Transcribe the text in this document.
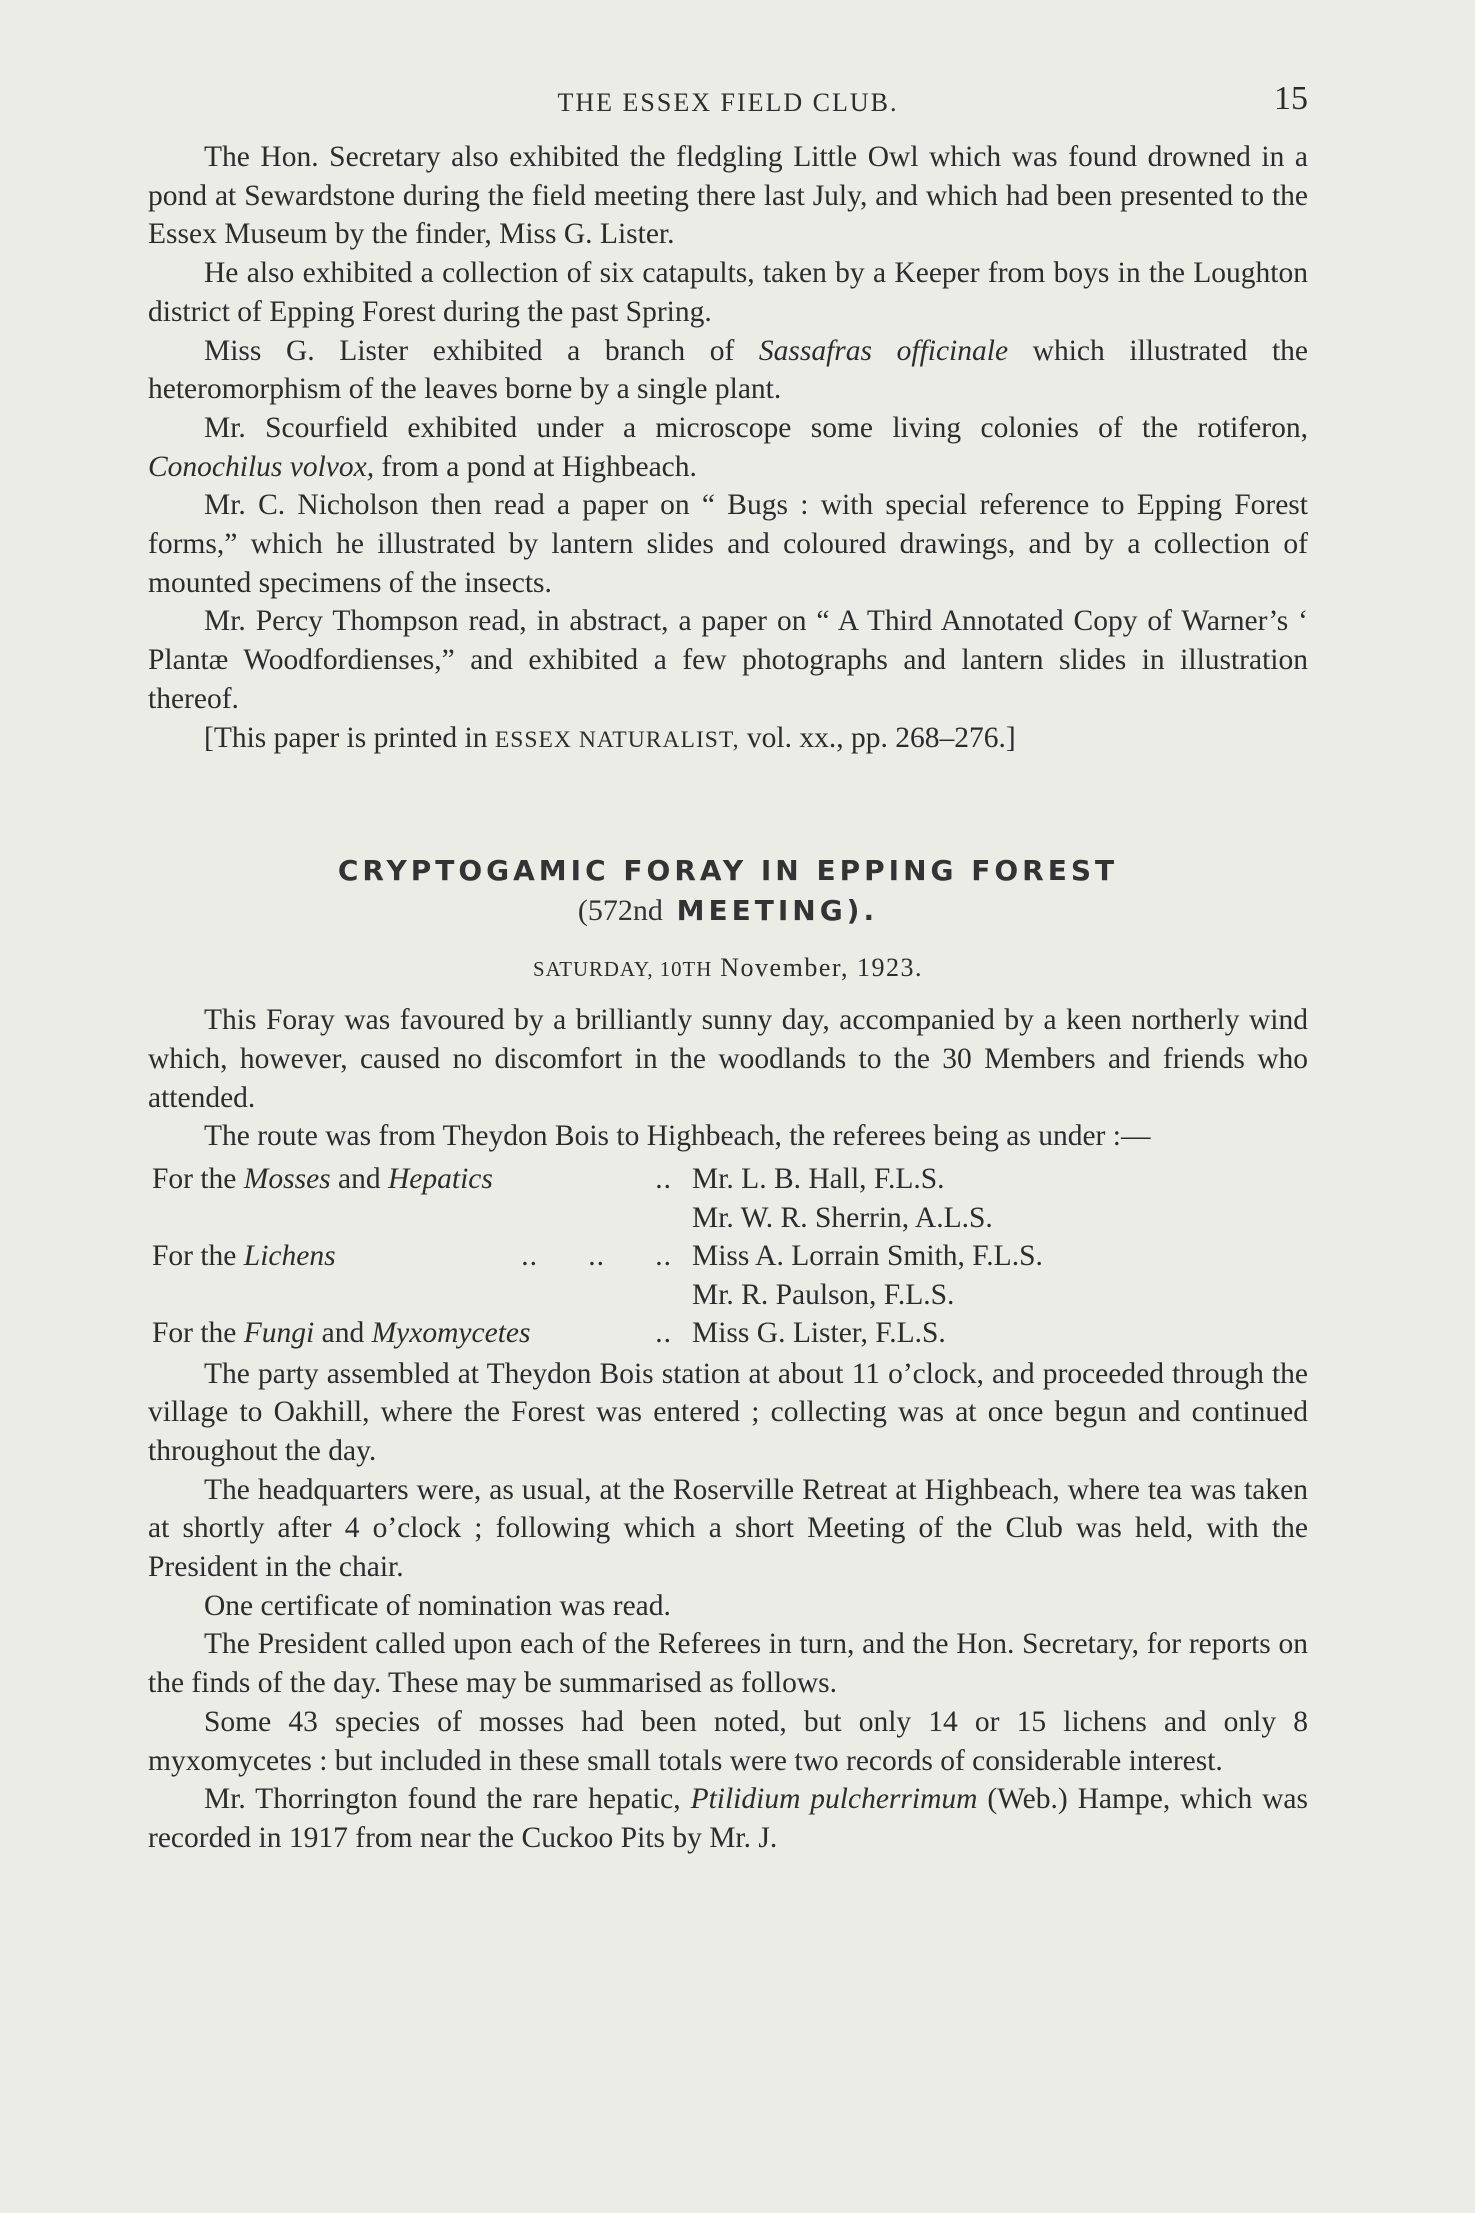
THE ESSEX FIELD CLUB.	15

The Hon. Secretary also exhibited the fledgling Little Owl which was found drowned in a pond at Sewardstone during the field meeting there last July, and which had been presented to the Essex Museum by the finder, Miss G. Lister.

He also exhibited a collection of six catapults, taken by a Keeper from boys in the Loughton district of Epping Forest during the past Spring.

Miss G. Lister exhibited a branch of Sassafras officinale which illustrated the heteromorphism of the leaves borne by a single plant.

Mr. Scourfield exhibited under a microscope some living colonies of the rotiferon, Conochilus volvox, from a pond at Highbeach.

Mr. C. Nicholson then read a paper on “ Bugs : with special reference to Epping Forest forms,” which he illustrated by lantern slides and coloured drawings, and by a collection of mounted specimens of the insects.

Mr. Percy Thompson read, in abstract, a paper on “ A Third Annotated Copy of Warner’s ‘ Plantæ Woodfordienses,” and exhibited a few photographs and lantern slides in illustration thereof.

[This paper is printed in ESSEX NATURALIST, vol. xx., pp. 268–276.]

CRYPTOGAMIC FORAY IN EPPING FOREST
(572nd MEETING).
SATURDAY, 10TH November, 1923.

This Foray was favoured by a brilliantly sunny day, accompanied by a keen northerly wind which, however, caused no discomfort in the woodlands to the 30 Members and friends who attended.

The route was from Theydon Bois to Highbeach, the referees being as under :—

For the Mosses and Hepatics	.. Mr. L. B. Hall, F.L.S.
Mr. W. R. Sherrin, A.L.S.
For the Lichens	..      ..      .. Miss A. Lorrain Smith, F.L.S.
Mr. R. Paulson, F.L.S.
For the Fungi and Myxomycetes	.. Miss G. Lister, F.L.S.

The party assembled at Theydon Bois station at about 11 o’clock, and proceeded through the village to Oakhill, where the Forest was entered ; collecting was at once begun and continued throughout the day.

The headquarters were, as usual, at the Roserville Retreat at Highbeach, where tea was taken at shortly after 4 o’clock ; following which a short Meeting of the Club was held, with the President in the chair.

One certificate of nomination was read.

The President called upon each of the Referees in turn, and the Hon. Secretary, for reports on the finds of the day. These may be summarised as follows.

Some 43 species of mosses had been noted, but only 14 or 15 lichens and only 8 myxomycetes : but included in these small totals were two records of considerable interest.

Mr. Thorrington found the rare hepatic, Ptilidium pulcherrimum (Web.) Hampe, which was recorded in 1917 from near the Cuckoo Pits by Mr. J.
